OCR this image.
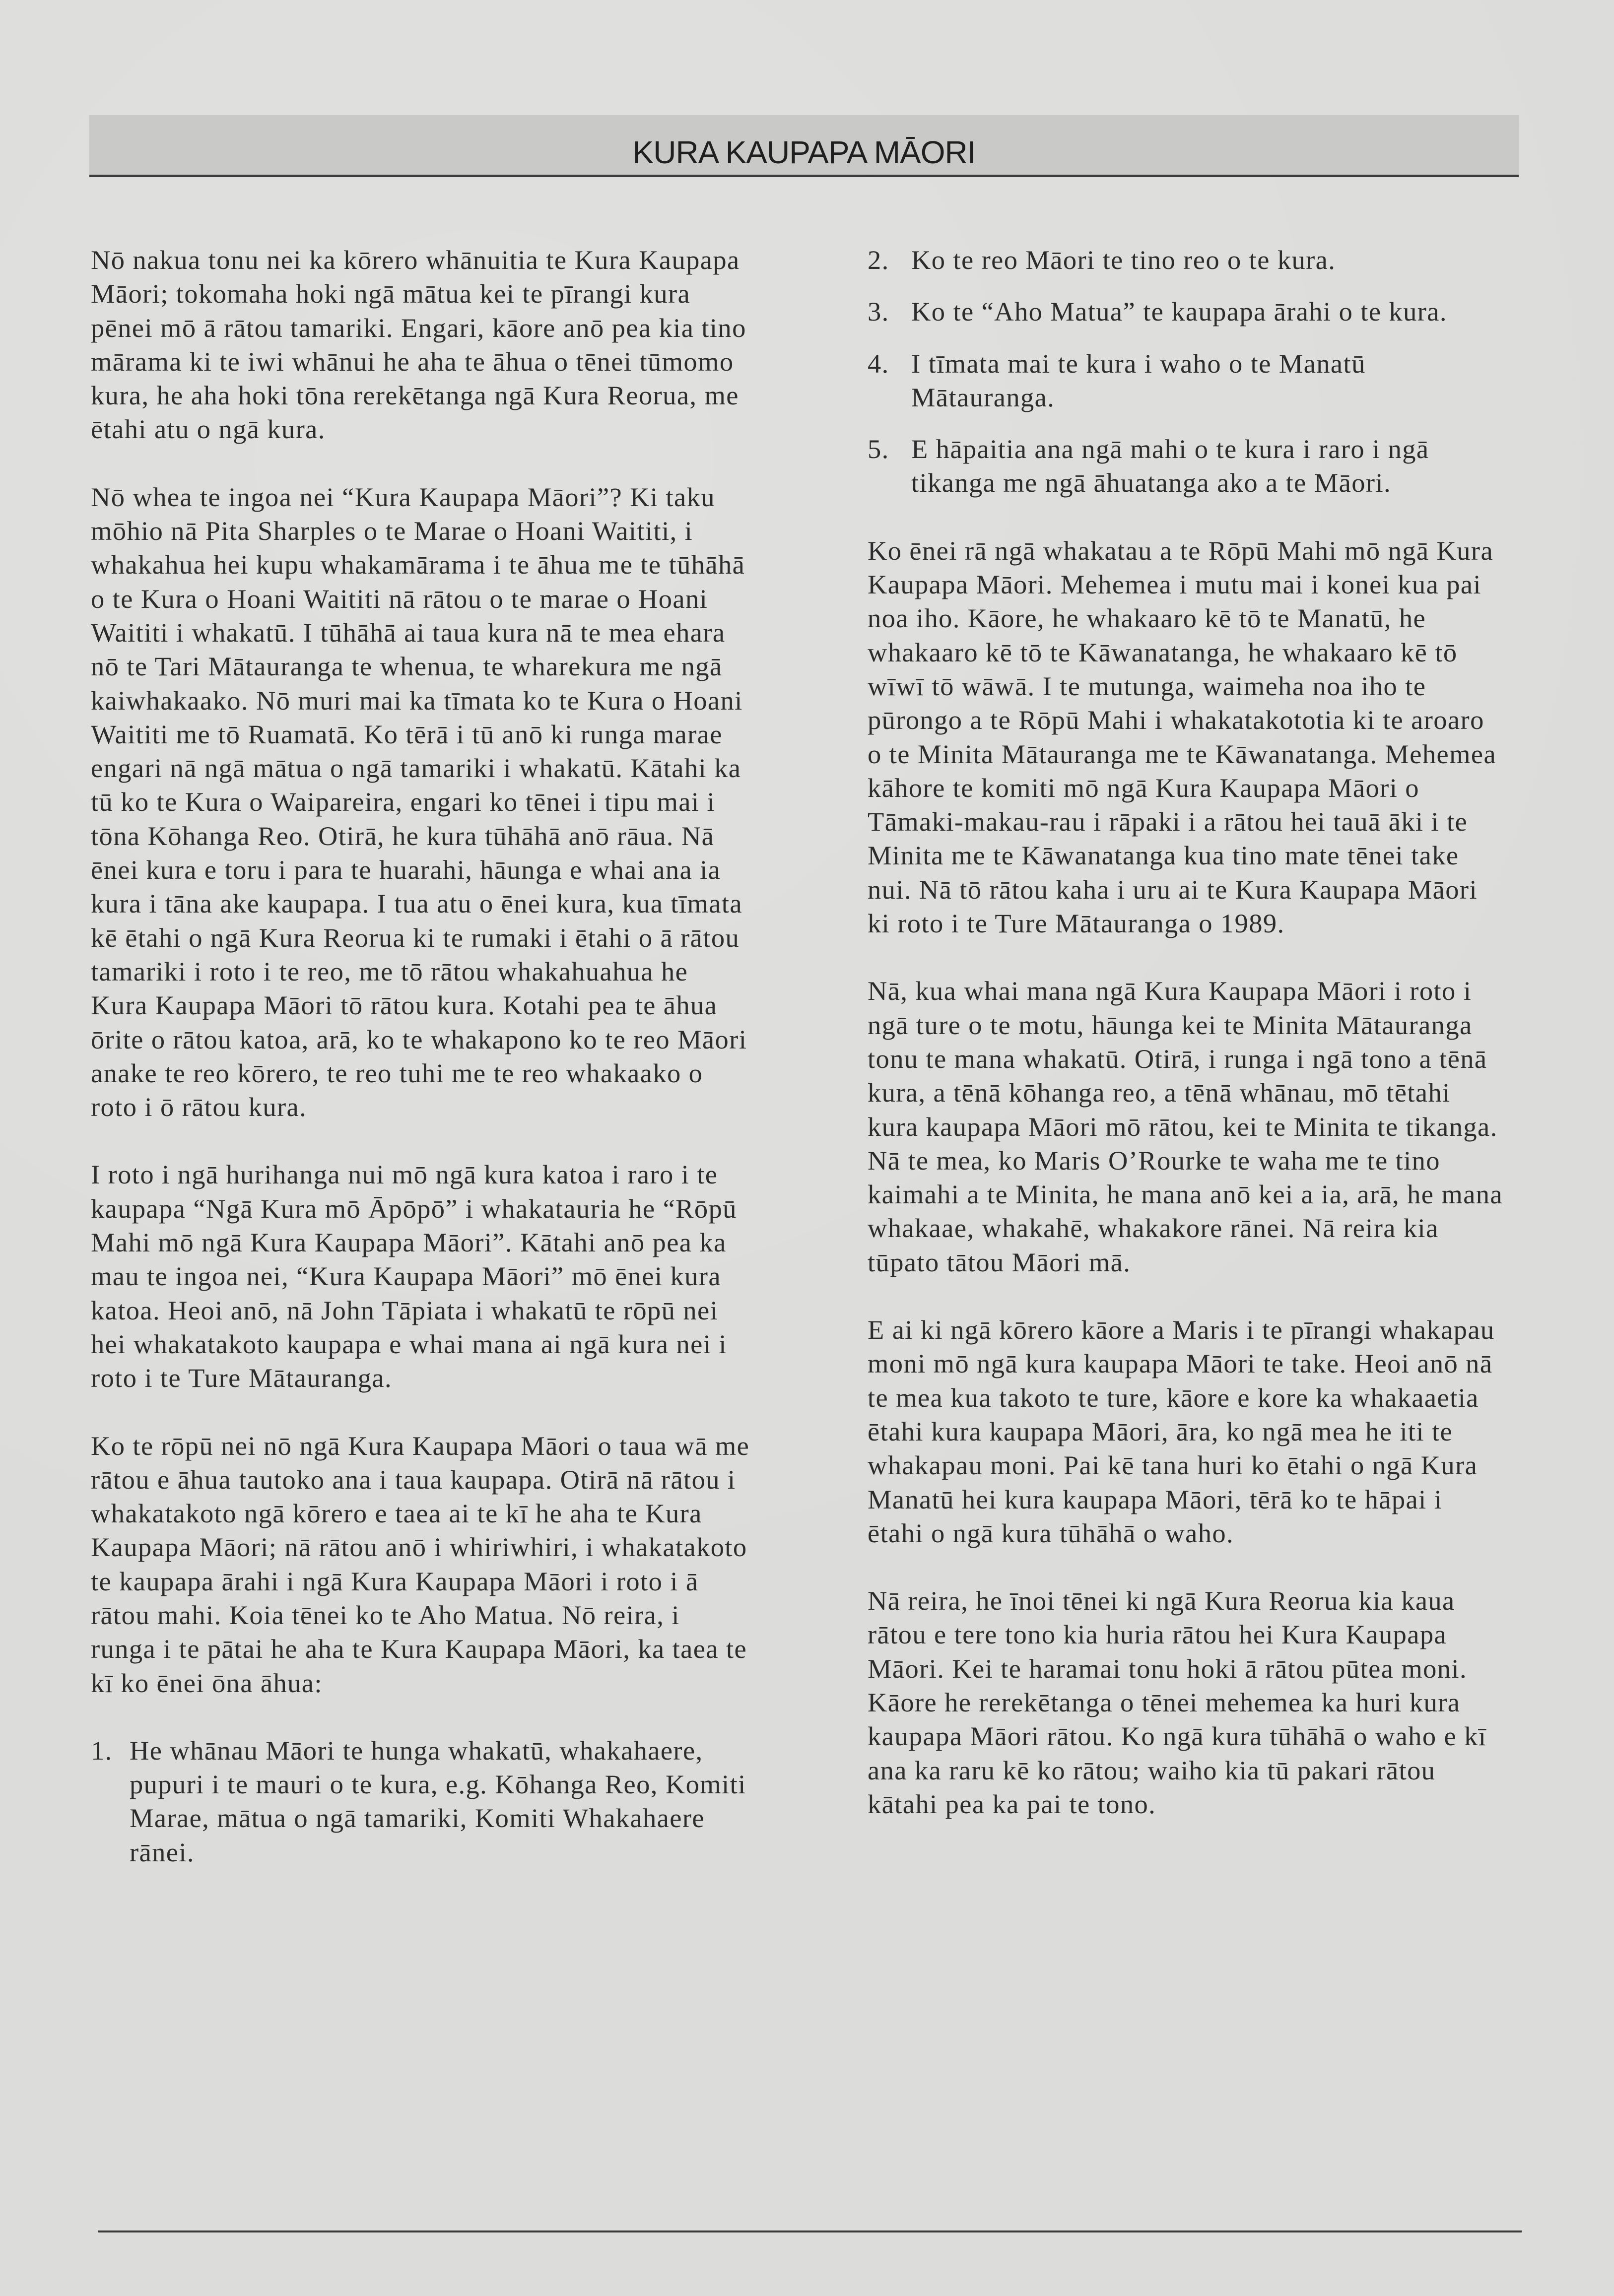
KURA KAUPAPA MĀORI

Nō nakua tonu nei ka kōrero whānuitia te Kura Kaupapa Māori; tokomaha hoki ngā mātua kei te pīrangi kura pēnei mō ā rātou tamariki. Engari, kāore anō pea kia tino mārama ki te iwi whānui he aha te āhua o tēnei tūmomo kura, he aha hoki tōna rerekētanga ngā Kura Reorua, me ētahi atu o ngā kura.

Nō whea te ingoa nei “Kura Kaupapa Māori”? Ki taku mōhio nā Pita Sharples o te Marae o Hoani Waititi, i whakahua hei kupu whakamārama i te āhua me te tūhāhā o te Kura o Hoani Waititi nā rātou o te marae o Hoani Waititi i whakatū. I tūhāhā ai taua kura nā te mea ehara nō te Tari Mātauranga te whenua, te wharekura me ngā kaiwhakaako. Nō muri mai ka tīmata ko te Kura o Hoani Waititi me tō Ruamatā. Ko tērā i tū anō ki runga marae engari nā ngā mātua o ngā tamariki i whakatū. Kātahi ka tū ko te Kura o Waipareira, engari ko tēnei i tipu mai i tōna Kōhanga Reo. Otirā, he kura tūhāhā anō rāua. Nā ēnei kura e toru i para te huarahi, hāunga e whai ana ia kura i tāna ake kaupapa. I tua atu o ēnei kura, kua tīmata kē ētahi o ngā Kura Reorua ki te rumaki i ētahi o ā rātou tamariki i roto i te reo, me tō rātou whakahuahua he Kura Kaupapa Māori tō rātou kura. Kotahi pea te āhua ōrite o rātou katoa, arā, ko te whakapono ko te reo Māori anake te reo kōrero, te reo tuhi me te reo whakaako o roto i ō rātou kura.

I roto i ngā hurihanga nui mō ngā kura katoa i raro i te kaupapa “Ngā Kura mō Āpōpō” i whakatauria he “Rōpū Mahi mō ngā Kura Kaupapa Māori”. Kātahi anō pea ka mau te ingoa nei, “Kura Kaupapa Māori” mō ēnei kura katoa. Heoi anō, nā John Tāpiata i whakatū te rōpū nei hei whakatakoto kaupapa e whai mana ai ngā kura nei i roto i te Ture Mātauranga.

Ko te rōpū nei nō ngā Kura Kaupapa Māori o taua wā me rātou e āhua tautoko ana i taua kaupapa. Otirā nā rātou i whakatakoto ngā kōrero e taea ai te kī he aha te Kura Kaupapa Māori; nā rātou anō i whiriwhiri, i whakatakoto te kaupapa ārahi i ngā Kura Kaupapa Māori i roto i ā rātou mahi. Koia tēnei ko te Aho Matua. Nō reira, i runga i te pātai he aha te Kura Kaupapa Māori, ka taea te kī ko ēnei ōna āhua:

1. He whānau Māori te hunga whakatū, whakahaere, pupuri i te mauri o te kura, e.g. Kōhanga Reo, Komiti Marae, mātua o ngā tamariki, Komiti Whakahaere rānei.
2. Ko te reo Māori te tino reo o te kura.
3. Ko te “Aho Matua” te kaupapa ārahi o te kura.
4. I tīmata mai te kura i waho o te Manatū Mātauranga.
5. E hāpaitia ana ngā mahi o te kura i raro i ngā tikanga me ngā āhuatanga ako a te Māori.

Ko ēnei rā ngā whakatau a te Rōpū Mahi mō ngā Kura Kaupapa Māori. Mehemea i mutu mai i konei kua pai noa iho. Kāore, he whakaaro kē tō te Manatū, he whakaaro kē tō te Kāwanatanga, he whakaaro kē tō wīwī tō wāwā. I te mutunga, waimeha noa iho te pūrongo a te Rōpū Mahi i whakatakototia ki te aroaro o te Minita Mātauranga me te Kāwanatanga. Mehemea kāhore te komiti mō ngā Kura Kaupapa Māori o Tāmaki-makau-rau i rāpaki i a rātou hei tauā āki i te Minita me te Kāwanatanga kua tino mate tēnei take nui. Nā tō rātou kaha i uru ai te Kura Kaupapa Māori ki roto i te Ture Mātauranga o 1989.

Nā, kua whai mana ngā Kura Kaupapa Māori i roto i ngā ture o te motu, hāunga kei te Minita Mātauranga tonu te mana whakatū. Otirā, i runga i ngā tono a tēnā kura, a tēnā kōhanga reo, a tēnā whānau, mō tētahi kura kaupapa Māori mō rātou, kei te Minita te tikanga. Nā te mea, ko Maris O’Rourke te waha me te tino kaimahi a te Minita, he mana anō kei a ia, arā, he mana whakaae, whakahē, whakakore rānei. Nā reira kia tūpato tātou Māori mā.

E ai ki ngā kōrero kāore a Maris i te pīrangi whakapau moni mō ngā kura kaupapa Māori te take. Heoi anō nā te mea kua takoto te ture, kāore e kore ka whakaaetia ētahi kura kaupapa Māori, āra, ko ngā mea he iti te whakapau moni. Pai kē tana huri ko ētahi o ngā Kura Manatū hei kura kaupapa Māori, tērā ko te hāpai i ētahi o ngā kura tūhāhā o waho.

Nā reira, he īnoi tēnei ki ngā Kura Reorua kia kaua rātou e tere tono kia huria rātou hei Kura Kaupapa Māori. Kei te haramai tonu hoki ā rātou pūtea moni. Kāore he rerekētanga o tēnei mehemea ka huri kura kaupapa Māori rātou. Ko ngā kura tūhāhā o waho e kī ana ka raru kē ko rātou; waiho kia tū pakari rātou kātahi pea ka pai te tono.
